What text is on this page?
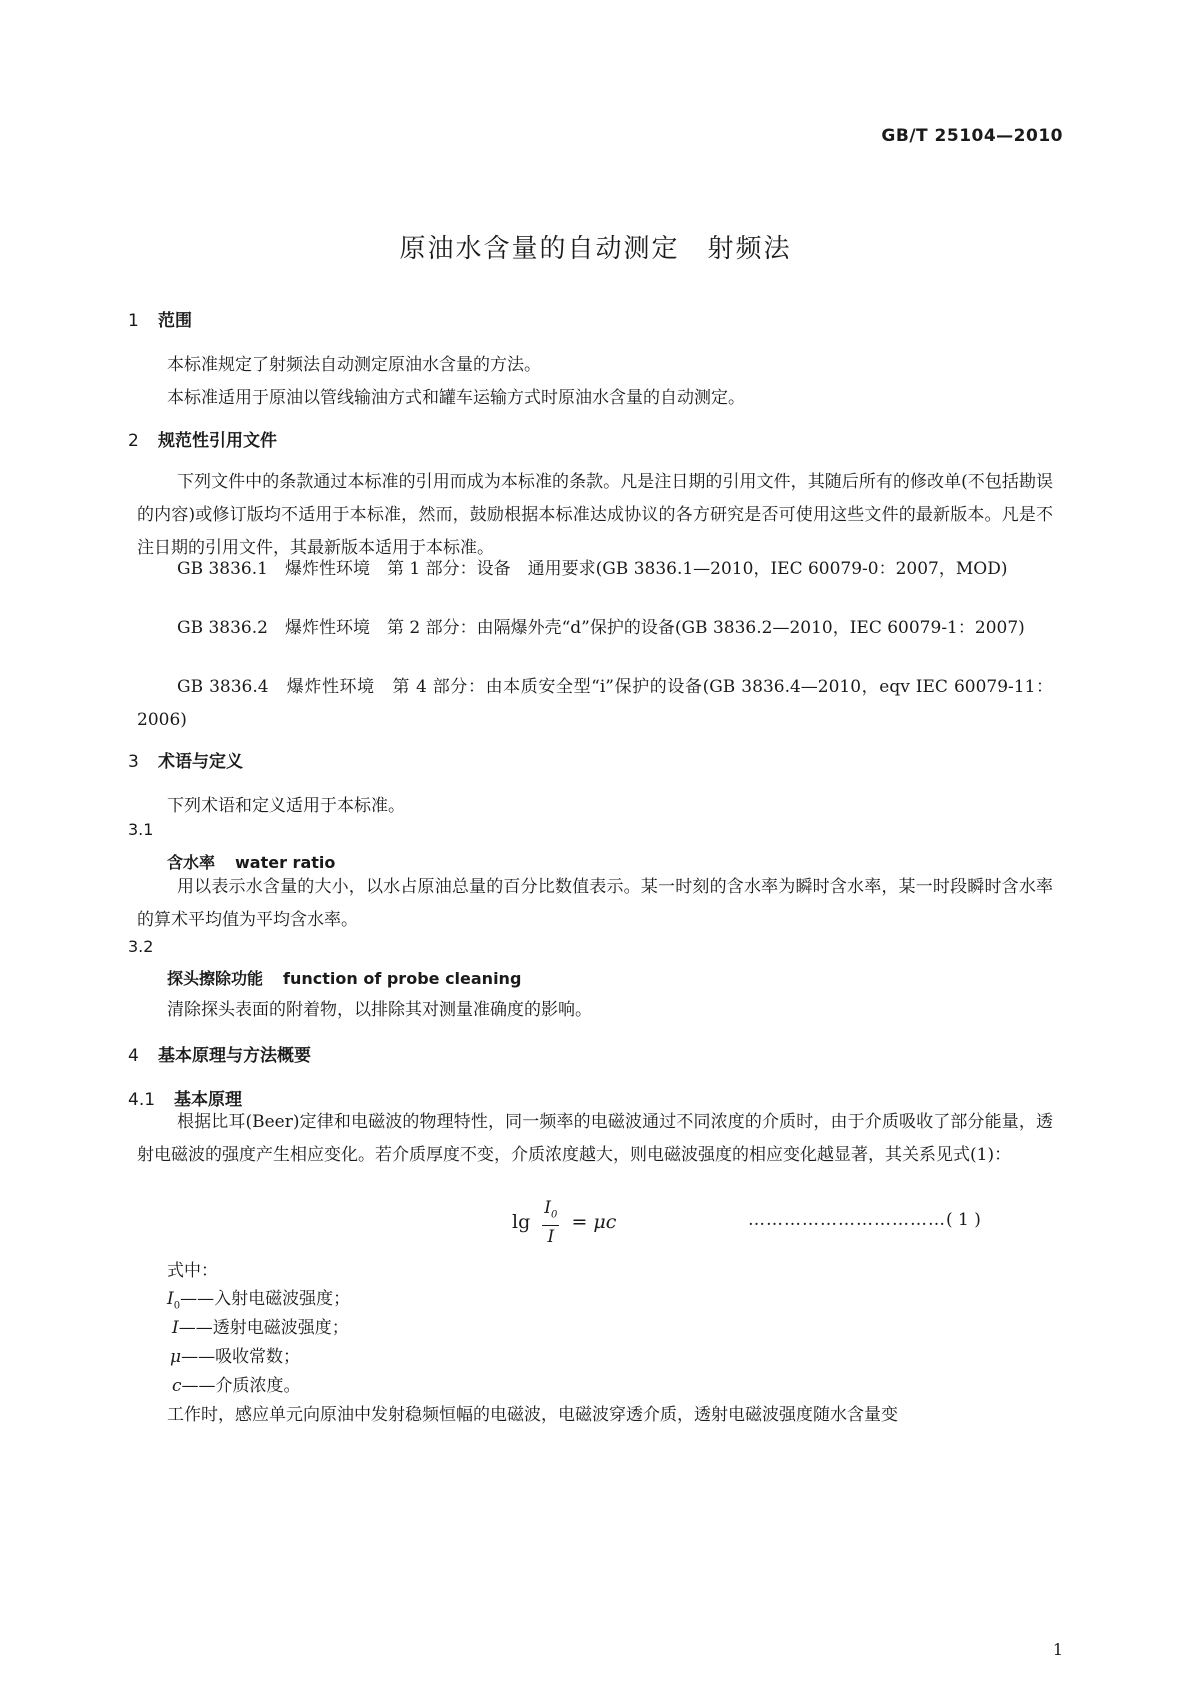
GB/T 25104—2010
原油水含量的自动测定　射频法
1 范围
本标准规定了射频法自动测定原油水含量的方法。
本标准适用于原油以管线输油方式和罐车运输方式时原油水含量的自动测定。
2 规范性引用文件
下列文件中的条款通过本标准的引用而成为本标准的条款。凡是注日期的引用文件，其随后所有的修改单(不包括勘误的内容)或修订版均不适用于本标准，然而，鼓励根据本标准达成协议的各方研究是否可使用这些文件的最新版本。凡是不注日期的引用文件，其最新版本适用于本标准。
GB 3836.1　爆炸性环境　第 1 部分：设备　通用要求(GB 3836.1—2010，IEC 60079-0：2007，MOD)
GB 3836.2　爆炸性环境　第 2 部分：由隔爆外壳“d”保护的设备(GB 3836.2—2010，IEC 60079-1：2007)
GB 3836.4　爆炸性环境　第 4 部分：由本质安全型“i”保护的设备(GB 3836.4—2010，eqv IEC 60079-11：2006)
3 术语与定义
下列术语和定义适用于本标准。
3.1
含水率 water ratio
用以表示水含量的大小，以水占原油总量的百分比数值表示。某一时刻的含水率为瞬时含水率，某一时段瞬时含水率的算术平均值为平均含水率。
3.2
探头擦除功能 function of probe cleaning
清除探头表面的附着物，以排除其对测量准确度的影响。
4 基本原理与方法概要
4.1 基本原理
根据比耳(Beer)定律和电磁波的物理特性，同一频率的电磁波通过不同浓度的介质时，由于介质吸收了部分能量，透射电磁波的强度产生相应变化。若介质厚度不变，介质浓度越大，则电磁波强度的相应变化越显著，其关系见式(1)：
$\lg \frac{I_0}{I} = \mu c$	……………………………( 1 )
式中：
$I_0——$入射电磁波强度；
I——透射电磁波强度；
μ——吸收常数；
c——介质浓度。
工作时，感应单元向原油中发射稳频恒幅的电磁波，电磁波穿透介质，透射电磁波强度随水含量变
1
